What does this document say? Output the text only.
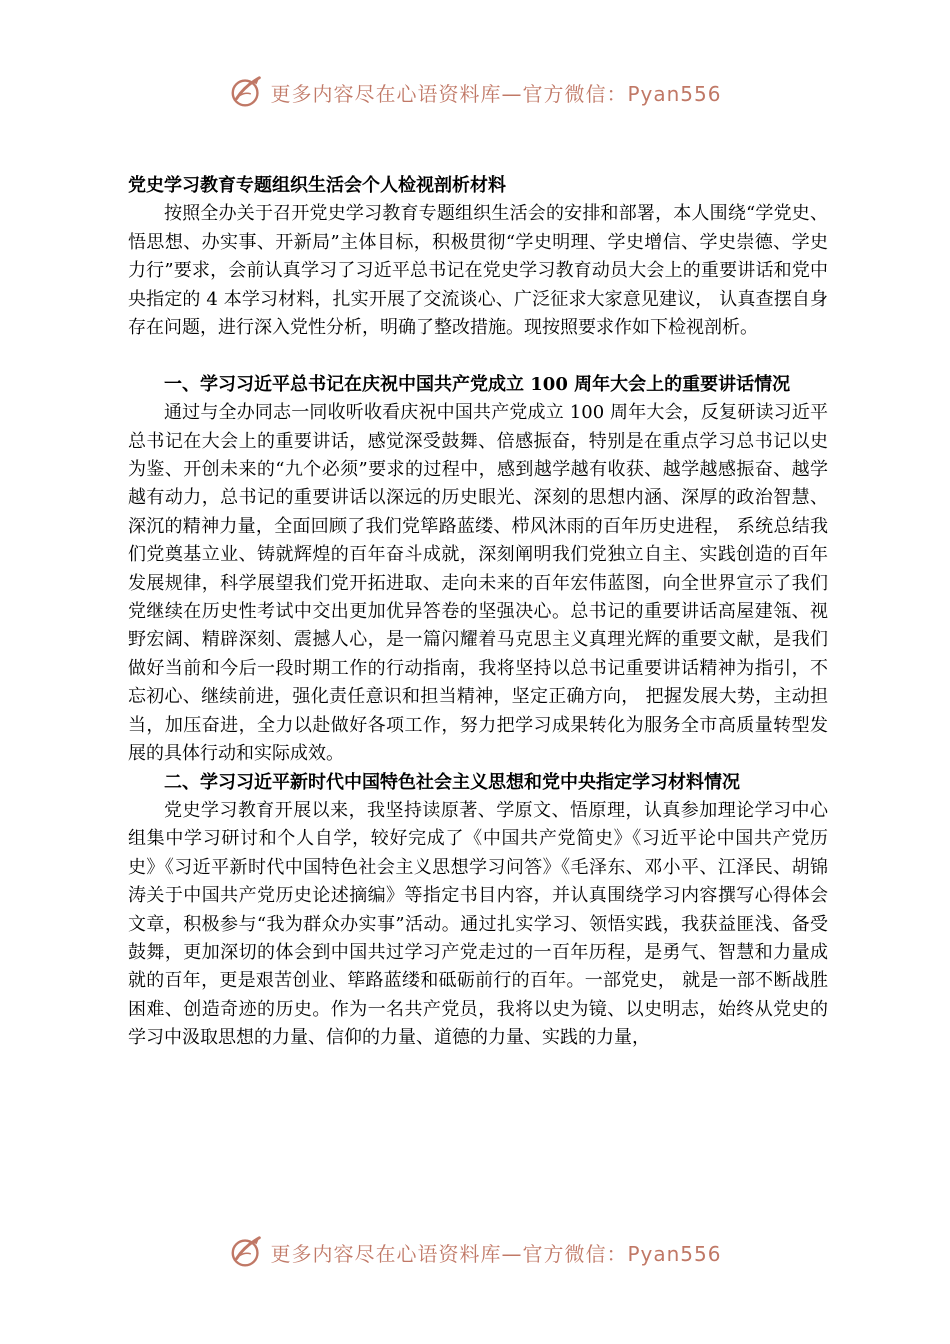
更多内容尽在心语资料库—官方微信：Pyan556
党史学习教育专题组织生活会个人检视剖析材料

按照全办关于召开党史学习教育专题组织生活会的安排和部署，本人围绕“学党史、悟思想、办实事、开新局”主体目标，积极贯彻“学史明理、学史增信、学史崇德、学史力行”要求，会前认真学习了习近平总书记在党史学习教育动员大会上的重要讲话和党中央指定的 4 本学习材料，扎实开展了交流谈心、广泛征求大家意见建议， 认真查摆自身存在问题，进行深入党性分析，明确了整改措施。现按照要求作如下检视剖析。

一、学习习近平总书记在庆祝中国共产党成立 100 周年大会上的重要讲话情况

通过与全办同志一同收听收看庆祝中国共产党成立 100 周年大会，反复研读习近平总书记在大会上的重要讲话，感觉深受鼓舞、倍感振奋，特别是在重点学习总书记以史为鉴、开创未来的“九个必须”要求的过程中，感到越学越有收获、越学越感振奋、越学越有动力，总书记的重要讲话以深远的历史眼光、深刻的思想内涵、深厚的政治智慧、深沉的精神力量，全面回顾了我们党筚路蓝缕、栉风沐雨的百年历史进程， 系统总结我们党奠基立业、铸就辉煌的百年奋斗成就，深刻阐明我们党独立自主、实践创造的百年发展规律，科学展望我们党开拓进取、走向未来的百年宏伟蓝图，向全世界宣示了我们党继续在历史性考试中交出更加优异答卷的坚强决心。总书记的重要讲话高屋建瓴、视野宏阔、精辟深刻、震撼人心，是一篇闪耀着马克思主义真理光辉的重要文献，是我们做好当前和今后一段时期工作的行动指南，我将坚持以总书记重要讲话精神为指引，不忘初心、继续前进，强化责任意识和担当精神，坚定正确方向， 把握发展大势，主动担当，加压奋进，全力以赴做好各项工作，努力把学习成果转化为服务全市高质量转型发展的具体行动和实际成效。

二、学习习近平新时代中国特色社会主义思想和党中央指定学习材料情况

党史学习教育开展以来，我坚持读原著、学原文、悟原理，认真参加理论学习中心组集中学习研讨和个人自学，较好完成了《中国共产党简史》《习近平论中国共产党历史》《习近平新时代中国特色社会主义思想学习问答》《毛泽东、邓小平、江泽民、胡锦涛关于中国共产党历史论述摘编》等指定书目内容，并认真围绕学习内容撰写心得体会文章，积极参与“我为群众办实事”活动。通过扎实学习、领悟实践，我获益匪浅、备受鼓舞，更加深切的体会到中国共过学习产党走过的一百年历程，是勇气、智慧和力量成就的百年，更是艰苦创业、筚路蓝缕和砥砺前行的百年。一部党史， 就是一部不断战胜困难、创造奇迹的历史。作为一名共产党员，我将以史为镜、以史明志，始终从党史的学习中汲取思想的力量、信仰的力量、道德的力量、实践的力量，

更多内容尽在心语资料库—官方微信：Pyan556
